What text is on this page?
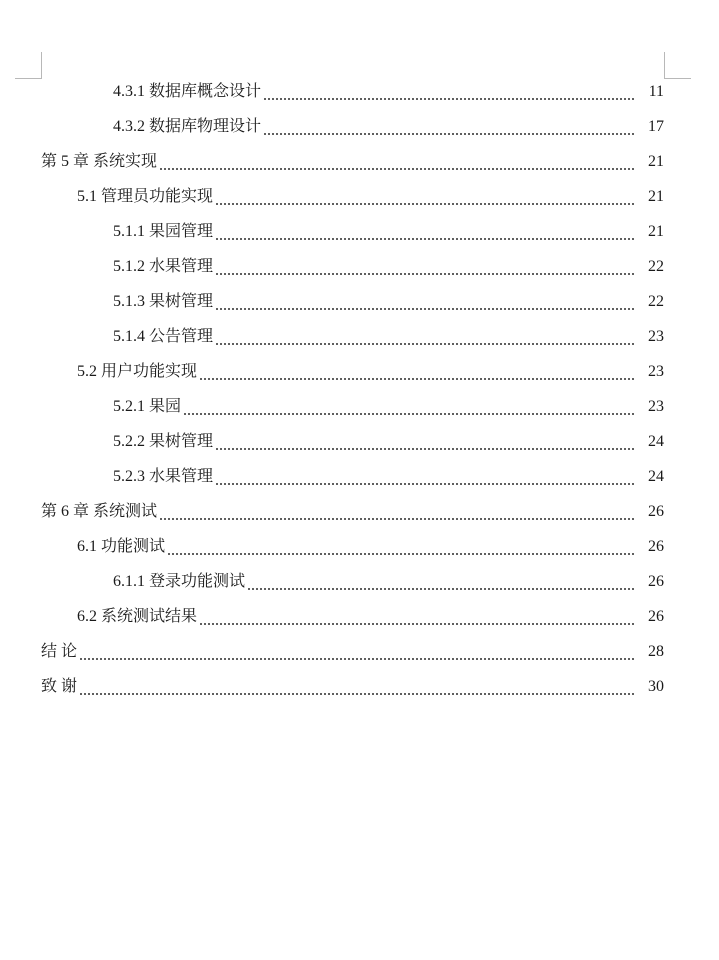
4.3.1 数据库概念设计	11
4.3.2 数据库物理设计	17
第 5 章 系统实现	21
5.1 管理员功能实现	21
5.1.1 果园管理	21
5.1.2 水果管理	22
5.1.3 果树管理	22
5.1.4 公告管理	23
5.2 用户功能实现	23
5.2.1 果园	23
5.2.2 果树管理	24
5.2.3 水果管理	24
第 6 章 系统测试	26
6.1 功能测试	26
6.1.1 登录功能测试	26
6.2 系统测试结果	26
结 论	28
致 谢	30
